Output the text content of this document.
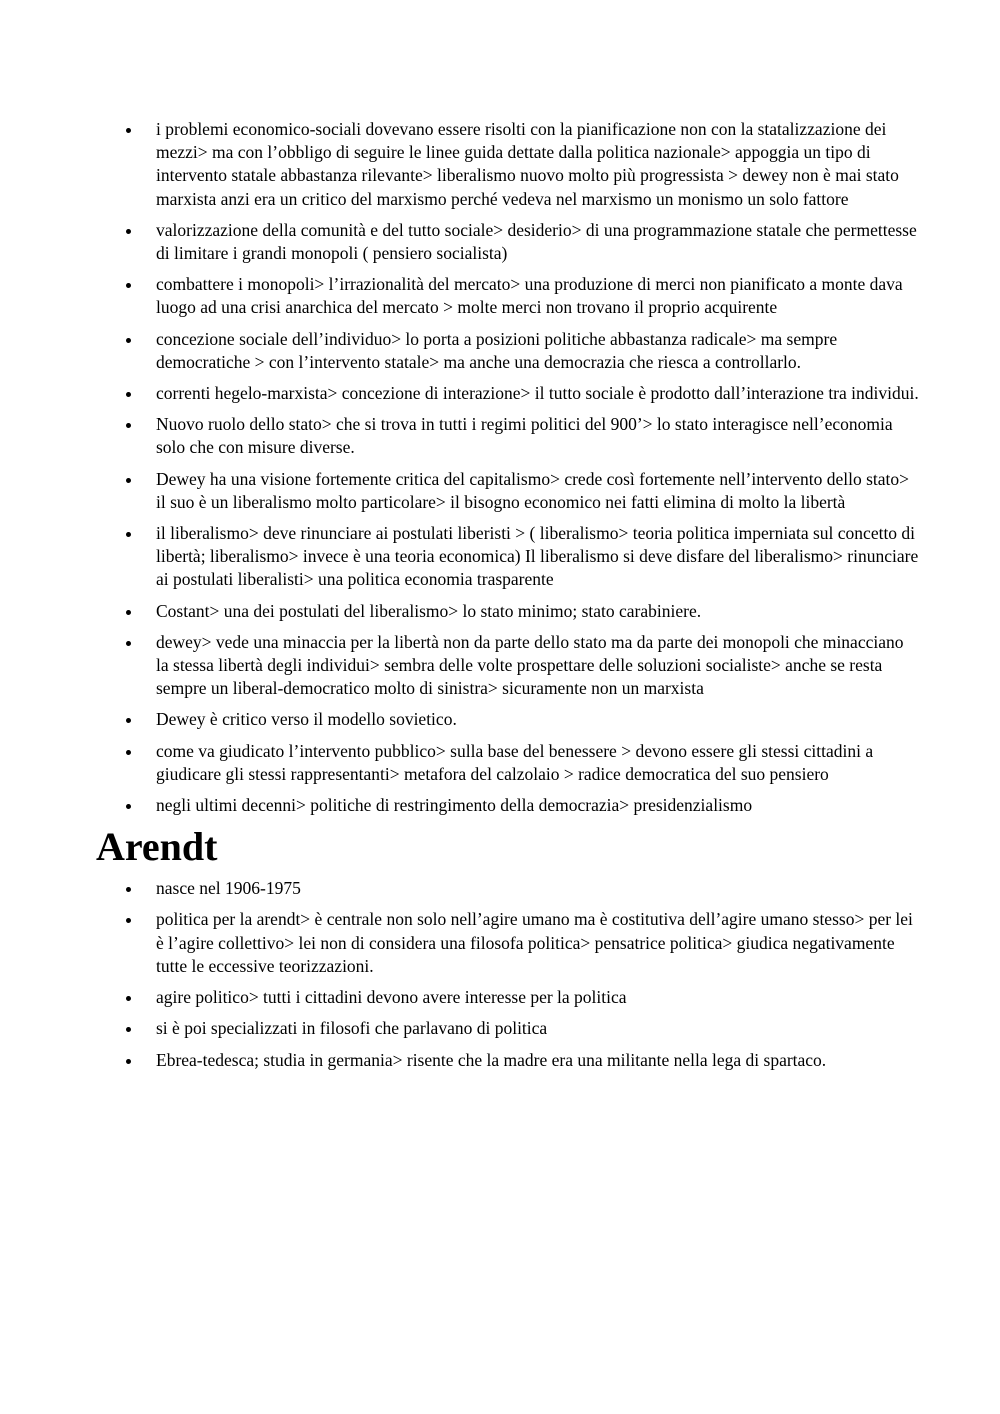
i problemi economico-sociali dovevano essere risolti con la pianificazione non con la statalizzazione dei mezzi> ma con l’obbligo di seguire le linee guida dettate dalla politica nazionale> appoggia un tipo di intervento statale abbastanza rilevante> liberalismo nuovo molto più progressista > dewey non è mai stato marxista anzi era un critico del marxismo perché vedeva nel marxismo un monismo un solo fattore
valorizzazione della comunità e del tutto sociale> desiderio> di una programmazione statale che permettesse di limitare i grandi monopoli ( pensiero socialista)
combattere i monopoli> l’irrazionalità del mercato> una produzione di merci non pianificato a monte dava luogo ad una crisi anarchica del mercato > molte merci non trovano il proprio acquirente
concezione sociale dell’individuo> lo porta a posizioni politiche abbastanza radicale> ma sempre democratiche > con l’intervento statale> ma anche una democrazia che riesca a controllarlo.
correnti hegelo-marxista> concezione di interazione> il tutto sociale è prodotto dall’interazione tra individui.
Nuovo ruolo dello stato> che si trova in tutti i regimi politici del 900’> lo stato interagisce nell’economia solo che con misure diverse.
Dewey ha una visione fortemente critica del capitalismo> crede così fortemente nell’intervento dello stato> il suo è un liberalismo molto particolare> il bisogno economico nei fatti elimina di molto la libertà
il liberalismo> deve rinunciare ai postulati liberisti > ( liberalismo> teoria politica imperniata sul concetto di libertà; liberalismo> invece è una teoria economica) Il liberalismo si deve disfare del liberalismo> rinunciare ai postulati liberalisti> una politica economia trasparente
Costant> una dei postulati del liberalismo> lo stato minimo; stato carabiniere.
dewey> vede una minaccia per la libertà non da parte dello stato ma da parte dei monopoli che minacciano la stessa libertà degli individui> sembra delle volte prospettare delle soluzioni socialiste> anche se resta sempre un liberal-democratico molto di sinistra> sicuramente non un marxista
Dewey è critico verso il modello sovietico.
come va giudicato l’intervento pubblico> sulla base del benessere > devono essere gli stessi cittadini a giudicare gli stessi rappresentanti> metafora del calzolaio > radice democratica del suo pensiero
negli ultimi decenni> politiche di restringimento della democrazia> presidenzialismo
Arendt
nasce nel 1906-1975
politica per la arendt> è centrale non solo nell’agire umano ma è costitutiva dell’agire umano stesso> per lei è l’agire collettivo> lei non di considera una filosofa politica> pensatrice politica> giudica negativamente tutte le eccessive teorizzazioni.
agire politico> tutti i cittadini devono avere interesse per la politica
si è poi specializzati in filosofi che parlavano di politica
Ebrea-tedesca; studia in germania> risente che la madre era una militante nella lega di spartaco.
